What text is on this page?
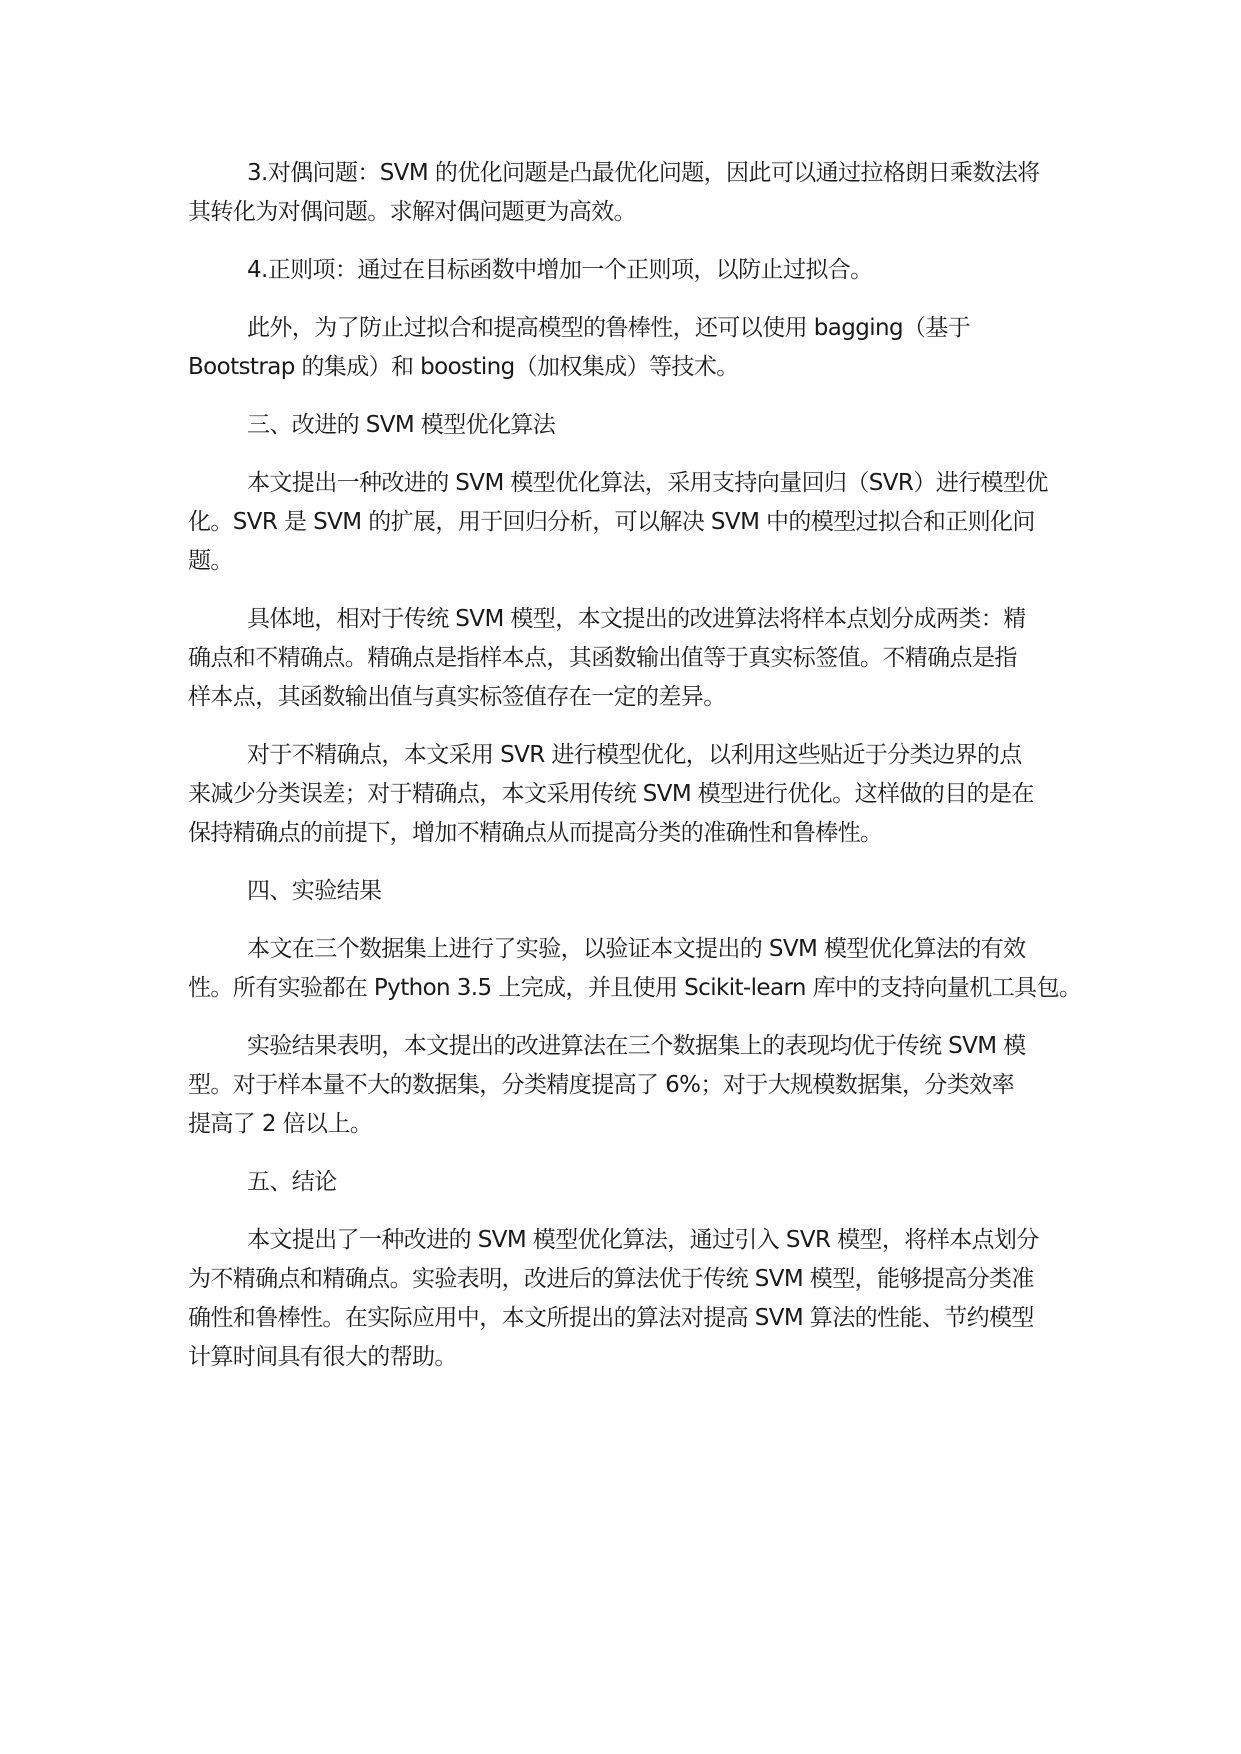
3.对偶问题：SVM 的优化问题是凸最优化问题，因此可以通过拉格朗日乘数法将
其转化为对偶问题。求解对偶问题更为高效。

4.正则项：通过在目标函数中增加一个正则项，以防止过拟合。

此外，为了防止过拟合和提高模型的鲁棒性，还可以使用 bagging（基于
Bootstrap 的集成）和 boosting（加权集成）等技术。

三、改进的 SVM 模型优化算法

本文提出一种改进的 SVM 模型优化算法，采用支持向量回归（SVR）进行模型优
化。SVR 是 SVM 的扩展，用于回归分析，可以解决 SVM 中的模型过拟合和正则化问
题。

具体地，相对于传统 SVM 模型，本文提出的改进算法将样本点划分成两类：精
确点和不精确点。精确点是指样本点，其函数输出值等于真实标签值。不精确点是指
样本点，其函数输出值与真实标签值存在一定的差异。

对于不精确点，本文采用 SVR 进行模型优化，以利用这些贴近于分类边界的点
来减少分类误差；对于精确点，本文采用传统 SVM 模型进行优化。这样做的目的是在
保持精确点的前提下，增加不精确点从而提高分类的准确性和鲁棒性。

四、实验结果

本文在三个数据集上进行了实验，以验证本文提出的 SVM 模型优化算法的有效
性。所有实验都在 Python 3.5 上完成，并且使用 Scikit-learn 库中的支持向量机工具包。

实验结果表明，本文提出的改进算法在三个数据集上的表现均优于传统 SVM 模
型。对于样本量不大的数据集，分类精度提高了 6%；对于大规模数据集，分类效率
提高了 2 倍以上。

五、结论

本文提出了一种改进的 SVM 模型优化算法，通过引入 SVR 模型，将样本点划分
为不精确点和精确点。实验表明，改进后的算法优于传统 SVM 模型，能够提高分类准
确性和鲁棒性。在实际应用中，本文所提出的算法对提高 SVM 算法的性能、节约模型
计算时间具有很大的帮助。
